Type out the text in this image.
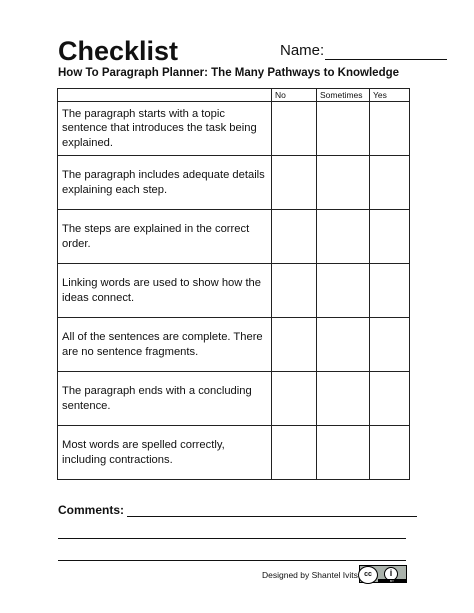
Checklist	Name:
How To Paragraph Planner: The Many Pathways to Knowledge
	No	Sometimes	Yes
The paragraph starts with a topic sentence that introduces the task being explained.			
The paragraph includes adequate details explaining each step.			
The steps are explained in the correct order.			
Linking words are used to show how the ideas connect.			
All of the sentences are complete. There are no sentence fragments.			
The paragraph ends with a concluding sentence.			
Most words are spelled correctly, including contractions.			
Comments:
Designed by Shantel Ivits cc	i
BY
